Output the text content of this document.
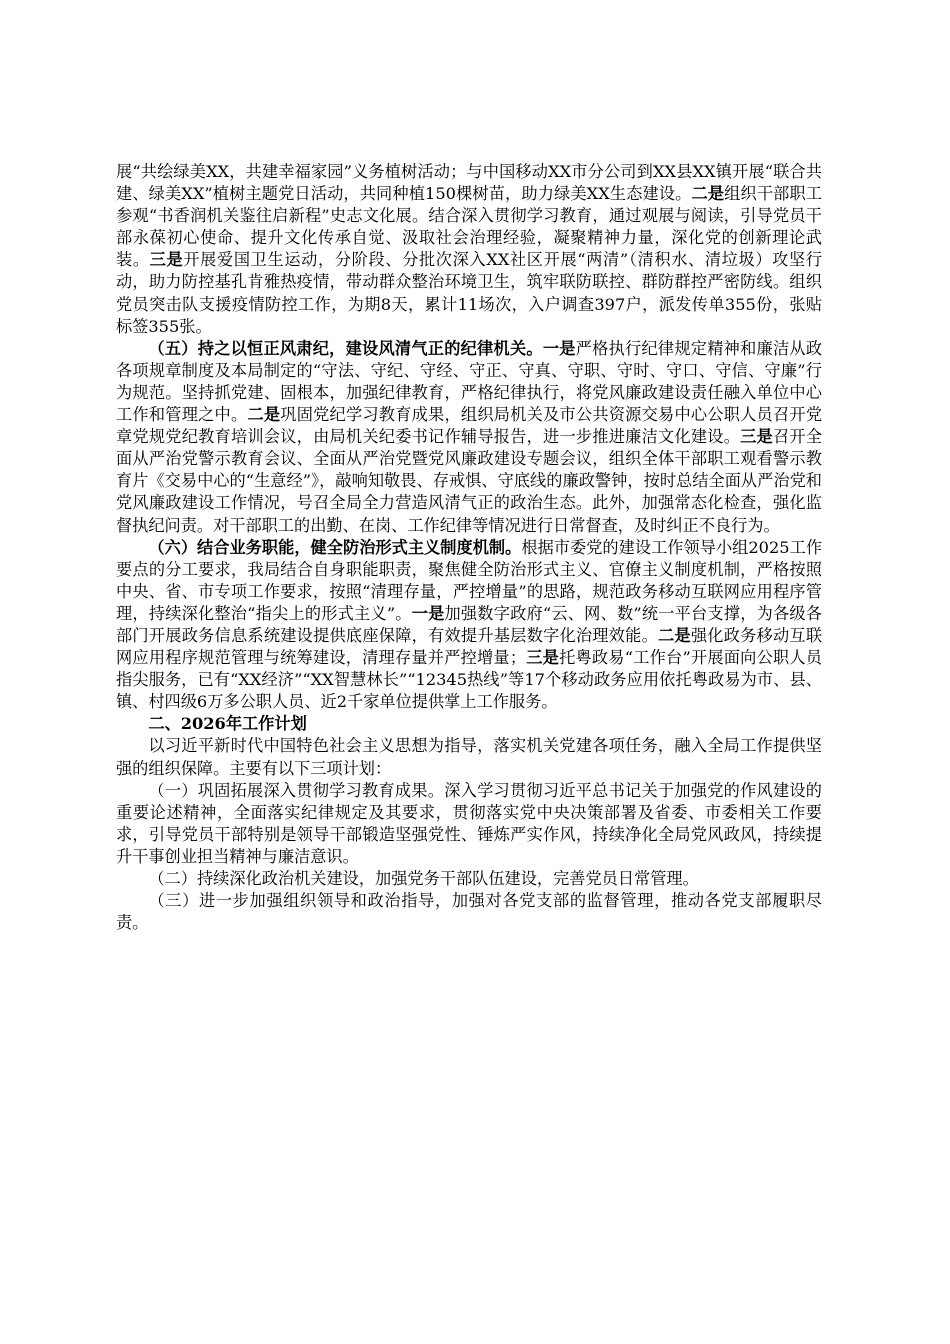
展“共绘绿美XX，共建幸福家园”义务植树活动；与中国移动XX市分公司到XX县XX镇开展“联合共建、绿美XX”植树主题党日活动，共同种植150棵树苗，助力绿美XX生态建设。二是组织干部职工参观“书香润机关鉴往启新程”史志文化展。结合深入贯彻学习教育，通过观展与阅读，引导党员干部永葆初心使命、提升文化传承自觉、汲取社会治理经验，凝聚精神力量，深化党的创新理论武装。三是开展爱国卫生运动，分阶段、分批次深入XX社区开展“两清”（清积水、清垃圾）攻坚行动，助力防控基孔肯雅热疫情，带动群众整治环境卫生，筑牢联防联控、群防群控严密防线。组织党员突击队支援疫情防控工作，为期8天，累计11场次，入户调查397户，派发传单355份，张贴标签355张。

（五）持之以恒正风肃纪，建设风清气正的纪律机关。一是严格执行纪律规定精神和廉洁从政各项规章制度及本局制定的“守法、守纪、守经、守正、守真、守职、守时、守口、守信、守廉”行为规范。坚持抓党建、固根本，加强纪律教育，严格纪律执行，将党风廉政建设责任融入单位中心工作和管理之中。二是巩固党纪学习教育成果，组织局机关及市公共资源交易中心公职人员召开党章党规党纪教育培训会议，由局机关纪委书记作辅导报告，进一步推进廉洁文化建设。三是召开全面从严治党警示教育会议、全面从严治党暨党风廉政建设专题会议，组织全体干部职工观看警示教育片《交易中心的“生意经”》，敲响知敬畏、存戒惧、守底线的廉政警钟，按时总结全面从严治党和党风廉政建设工作情况，号召全局全力营造风清气正的政治生态。此外，加强常态化检查，强化监督执纪问责。对干部职工的出勤、在岗、工作纪律等情况进行日常督查，及时纠正不良行为。

（六）结合业务职能，健全防治形式主义制度机制。根据市委党的建设工作领导小组2025工作要点的分工要求，我局结合自身职能职责，聚焦健全防治形式主义、官僚主义制度机制，严格按照中央、省、市专项工作要求，按照“清理存量，严控增量”的思路，规范政务移动互联网应用程序管理，持续深化整治“指尖上的形式主义”。一是加强数字政府“云、网、数”统一平台支撑，为各级各部门开展政务信息系统建设提供底座保障，有效提升基层数字化治理效能。二是强化政务移动互联网应用程序规范管理与统筹建设，清理存量并严控增量；三是托粤政易“工作台”开展面向公职人员指尖服务，已有“XX经济”“XX智慧林长”“12345热线”等17个移动政务应用依托粤政易为市、县、镇、村四级6万多公职人员、近2千家单位提供掌上工作服务。

二、2026年工作计划

以习近平新时代中国特色社会主义思想为指导，落实机关党建各项任务，融入全局工作提供坚强的组织保障。主要有以下三项计划：

（一）巩固拓展深入贯彻学习教育成果。深入学习贯彻习近平总书记关于加强党的作风建设的重要论述精神，全面落实纪律规定及其要求，贯彻落实党中央决策部署及省委、市委相关工作要求，引导党员干部特别是领导干部锻造坚强党性、锤炼严实作风，持续净化全局党风政风，持续提升干事创业担当精神与廉洁意识。

（二）持续深化政治机关建设，加强党务干部队伍建设，完善党员日常管理。

（三）进一步加强组织领导和政治指导，加强对各党支部的监督管理，推动各党支部履职尽责。
